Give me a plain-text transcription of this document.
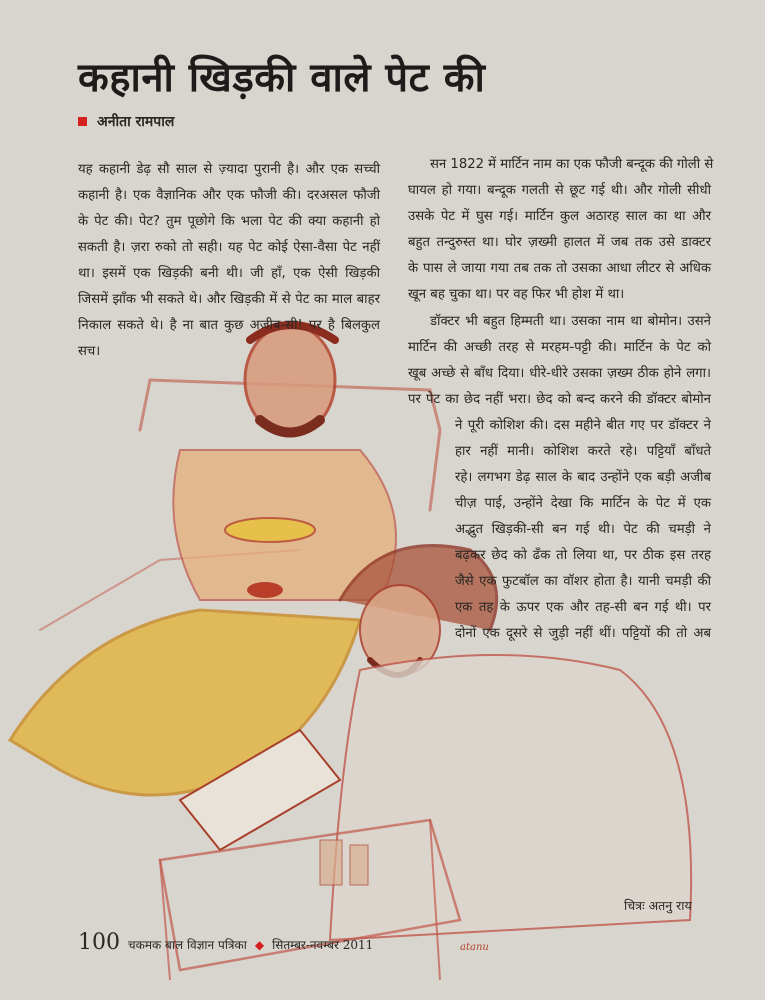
कहानी खिड़की वाले पेट की
अनीता रामपाल
atanu
यह कहानी डेढ़ सौ साल से ज़्यादा पुरानी है। और एक सच्ची
कहानी है। एक वैज्ञानिक और एक फौजी की। दरअसल फौजी
के पेट की। पेट? तुम पूछोगे कि भला पेट की क्या कहानी हो
सकती है। ज़रा रुको तो सही। यह पेट कोई ऐसा-वैसा पेट नहीं
था। इसमें एक खिड़की बनी थी। जी हाँ, एक ऐसी खिड़की
जिसमें झाँक भी सकते थे। और खिड़की में से पेट का माल बाहर
निकाल सकते थे। है ना बात कुछ अजीब-सी! पर है बिलकुल
सच।
सन 1822 में मार्टिन नाम का एक फौजी बन्दूक की गोली से
घायल हो गया। बन्दूक गलती से छूट गई थी। और गोली सीधी
उसके पेट में घुस गई। मार्टिन कुल अठारह साल का था और
बहुत तन्दुरुस्त था। घोर ज़ख्मी हालत में जब तक उसे डाक्टर
के पास ले जाया गया तब तक तो उसका आधा लीटर से अधिक
खून बह चुका था। पर वह फिर भी होश में था।
डॉक्टर भी बहुत हिम्मती था। उसका नाम था बोमोन। उसने
मार्टिन की अच्छी तरह से मरहम-पट्टी की। मार्टिन के पेट को
खूब अच्छे से बाँध दिया। धीरे-धीरे उसका ज़ख्म ठीक होने लगा।
पर पेट का छेद नहीं भरा। छेद को बन्द करने की डॉक्टर बोमोन
ने पूरी कोशिश की। दस महीने बीत गए पर डॉक्टर ने
हार नहीं मानी। कोशिश करते रहे। पट्टियाँ बाँधते
रहे। लगभग डेढ़ साल के बाद उन्होंने एक बड़ी अजीब
चीज़ पाई, उन्होंने देखा कि मार्टिन के पेट में एक
अद्भुत खिड़की-सी बन गई थी। पेट की चमड़ी ने
बढ़कर छेद को ढँक तो लिया था, पर ठीक इस तरह
जैसे एक फुटबॉल का वॉशर होता है। यानी चमड़ी की
एक तह के ऊपर एक और तह-सी बन गई थी। पर
दोनों एक दूसरे से जुड़ी नहीं थीं। पट्टियों की तो अब
चित्रः अतनु राय
100 चकमक बाल विज्ञान पत्रिका ◆ सितम्बर-नवम्बर 2011
